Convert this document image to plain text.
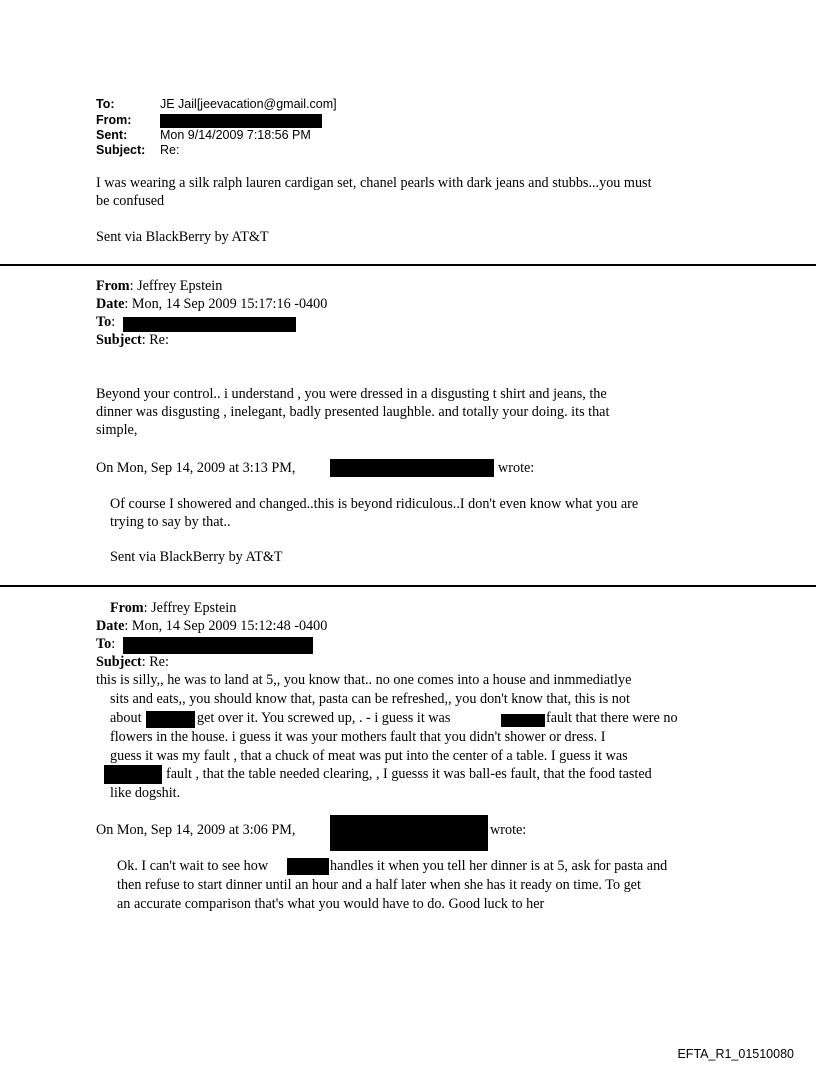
To:	JE Jail[jeevacation@gmail.com]
From:
Sent:	Mon 9/14/2009 7:18:56 PM
Subject: Re:
I was wearing a silk ralph lauren cardigan set, chanel pearls with dark jeans and stubbs...you must
be confused
Sent via BlackBerry by AT&T
From: Jeffrey Epstein
Date: Mon, 14 Sep 2009 15:17:16 -0400
To:
Subject: Re:
Beyond your control.. i understand , you were dressed in a disgusting t shirt and jeans, the
dinner was disgusting , inelegant, badly presented laughble. and totally your doing. its that
simple,
On Mon, Sep 14, 2009 at 3:13 PM,	wrote:
Of course I showered and changed..this is beyond ridiculous..I don't even know what you are
trying to say by that..
Sent via BlackBerry by AT&T
From: Jeffrey Epstein
Date: Mon, 14 Sep 2009 15:12:48 -0400
To:
Subject: Re:
this is silly,, he was to land at 5,, you know that.. no one comes into a house and inmmediatlye
sits and eats,, you should know that, pasta can be refreshed,, you don't know that, this is not
about	get over it. You screwed up, . - i guess it was	fault that there were no
flowers in the house. i guess it was your mothers fault that you didn't shower or dress. I
guess it was my fault , that a chuck of meat was put into the center of a table. I guess it was
fault , that the table needed clearing, , I guesss it was ball-es fault, that the food tasted
like dogshit.
On Mon, Sep 14, 2009 at 3:06 PM,	wrote:
Ok. I can't wait to see how	handles it when you tell her dinner is at 5, ask for pasta and
then refuse to start dinner until an hour and a half later when she has it ready on time. To get
an accurate comparison that's what you would have to do. Good luck to her
EFTA_R1_01510080
